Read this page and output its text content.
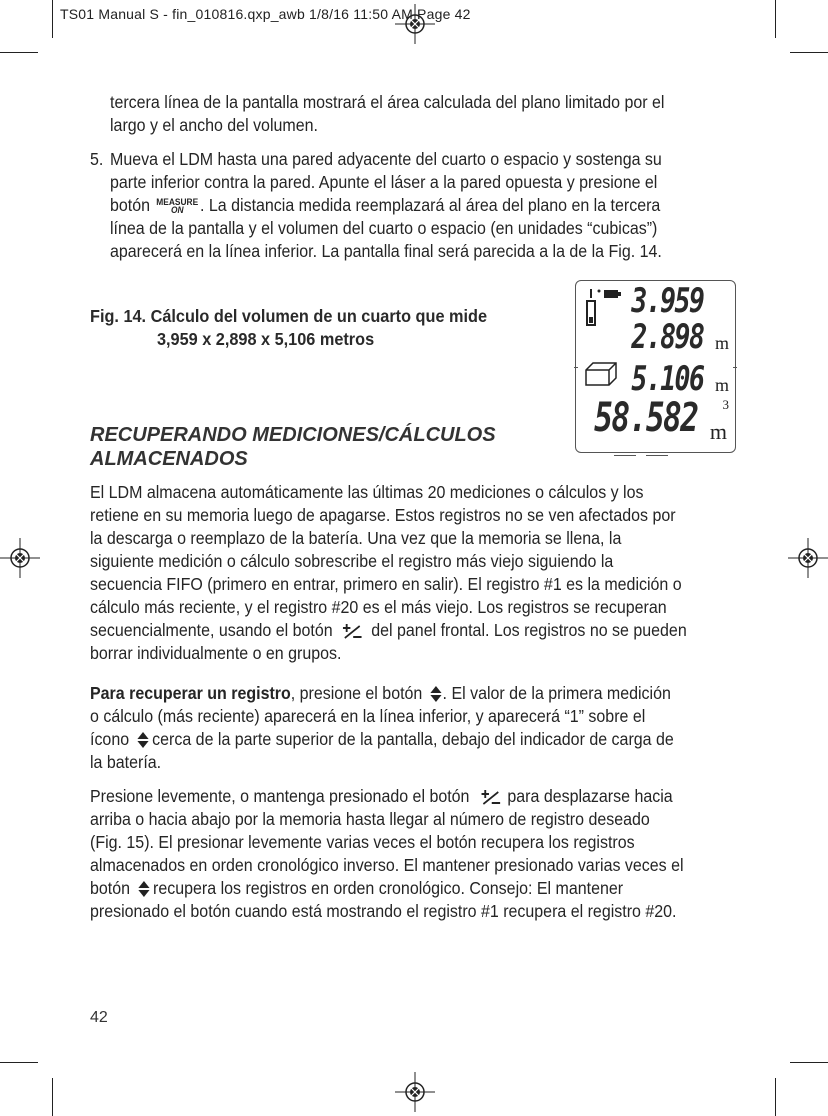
TS01 Manual S - fin_010816.qxp_awb 1/8/16 11:50 AM Page 42
tercera línea de la pantalla mostrará el área calculada del plano limitado por el
largo y el ancho del volumen.
5. Mueva el LDM hasta una pared adyacente del cuarto o espacio y sostenga su
parte inferior contra la pared. Apunte el láser a la pared opuesta y presione el
botón MEASURE
ON . La distancia medida reemplazará al área del plano en la tercera
línea de la pantalla y el volumen del cuarto o espacio (en unidades “cubicas”)
aparecerá en la línea inferior. La pantalla final será parecida a la de la Fig. 14.
Fig. 14. Cálculo del volumen de un cuarto que mide
3,959 x 2,898 x 5,106 metros
3.959
2.898 m
5.106 m
58.582 3
m
RECUPERANDO MEDICIONES/CÁLCULOS ALMACENADOS
El LDM almacena automáticamente las últimas 20 mediciones o cálculos y los
retiene en su memoria luego de apagarse. Estos registros no se ven afectados por
la descarga o reemplazo de la batería. Una vez que la memoria se llena, la
siguiente medición o cálculo sobrescribe el registro más viejo siguiendo la
secuencia FIFO (primero en entrar, primero en salir). El registro #1 es la medición o
cálculo más reciente, y el registro #20 es el más viejo. Los registros se recuperan
secuencialmente, usando el botón del panel frontal. Los registros no se pueden
borrar individualmente o en grupos.
Para recuperar un registro, presione el botón . El valor de la primera medición
o cálculo (más reciente) aparecerá en la línea inferior, y aparecerá “1” sobre el
ícono cerca de la parte superior de la pantalla, debajo del indicador de carga de
la batería.
Presione levemente, o mantenga presionado el botón para desplazarse hacia
arriba o hacia abajo por la memoria hasta llegar al número de registro deseado
(Fig. 15). El presionar levemente varias veces el botón recupera los registros
almacenados en orden cronológico inverso. El mantener presionado varias veces el
botón recupera los registros en orden cronológico. Consejo: El mantener
presionado el botón cuando está mostrando el registro #1 recupera el registro #20.
42
